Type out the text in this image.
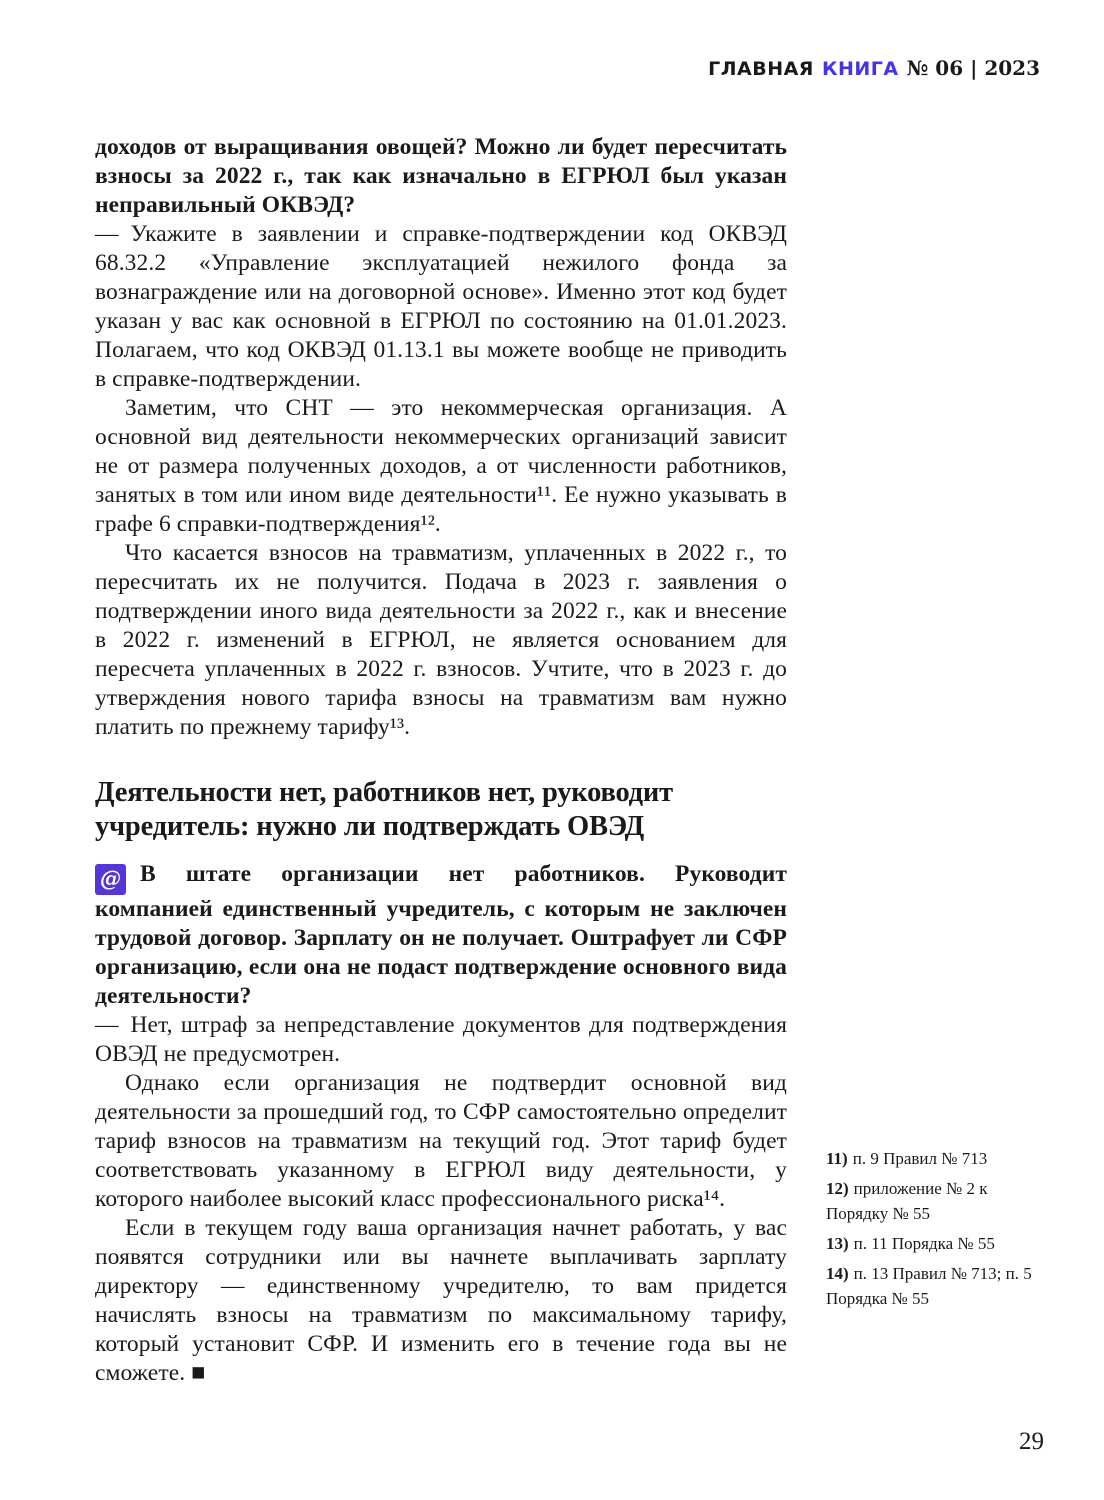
ГЛАВНАЯ КНИГА № 06 | 2023

доходов от выращивания овощей? Можно ли будет пересчитать взносы за 2022 г., так как изначально в ЕГРЮЛ был указан неправильный ОКВЭД?

— Укажите в заявлении и справке-подтверждении код ОКВЭД 68.32.2 «Управление эксплуатацией нежилого фонда за вознаграждение или на договорной основе». Именно этот код будет указан у вас как основной в ЕГРЮЛ по состоянию на 01.01.2023. Полагаем, что код ОКВЭД 01.13.1 вы можете вообще не приводить в справке-подтверждении.

Заметим, что СНТ — это некоммерческая организация. А основной вид деятельности некоммерческих организаций зависит не от размера полученных доходов, а от численности работников, занятых в том или ином виде деятельности¹¹. Ее нужно указывать в графе 6 справки-подтверждения¹².

Что касается взносов на травматизм, уплаченных в 2022 г., то пересчитать их не получится. Подача в 2023 г. заявления о подтверждении иного вида деятельности за 2022 г., как и внесение в 2022 г. изменений в ЕГРЮЛ, не является основанием для пересчета уплаченных в 2022 г. взносов. Учтите, что в 2023 г. до утверждения нового тарифа взносы на травматизм вам нужно платить по прежнему тарифу¹³.

Деятельности нет, работников нет, руководит учредитель: нужно ли подтверждать ОВЭД

@ В штате организации нет работников. Руководит компанией единственный учредитель, с которым не заключен трудовой договор. Зарплату он не получает. Оштрафует ли СФР организацию, если она не подаст подтверждение основного вида деятельности?

— Нет, штраф за непредставление документов для подтверждения ОВЭД не предусмотрен.

Однако если организация не подтвердит основной вид деятельности за прошедший год, то СФР самостоятельно определит тариф взносов на травматизм на текущий год. Этот тариф будет соответствовать указанному в ЕГРЮЛ виду деятельности, у которого наиболее высокий класс профессионального риска¹⁴.

Если в текущем году ваша организация начнет работать, у вас появятся сотрудники или вы начнете выплачивать зарплату директору — единственному учредителю, то вам придется начислять взносы на травматизм по максимальному тарифу, который установит СФР. И изменить его в течение года вы не сможете. ■

11) п. 9 Правил № 713
12) приложение № 2 к Порядку № 55
13) п. 11 Порядка № 55
14) п. 13 Правил № 713; п. 5 Порядка № 55
29
